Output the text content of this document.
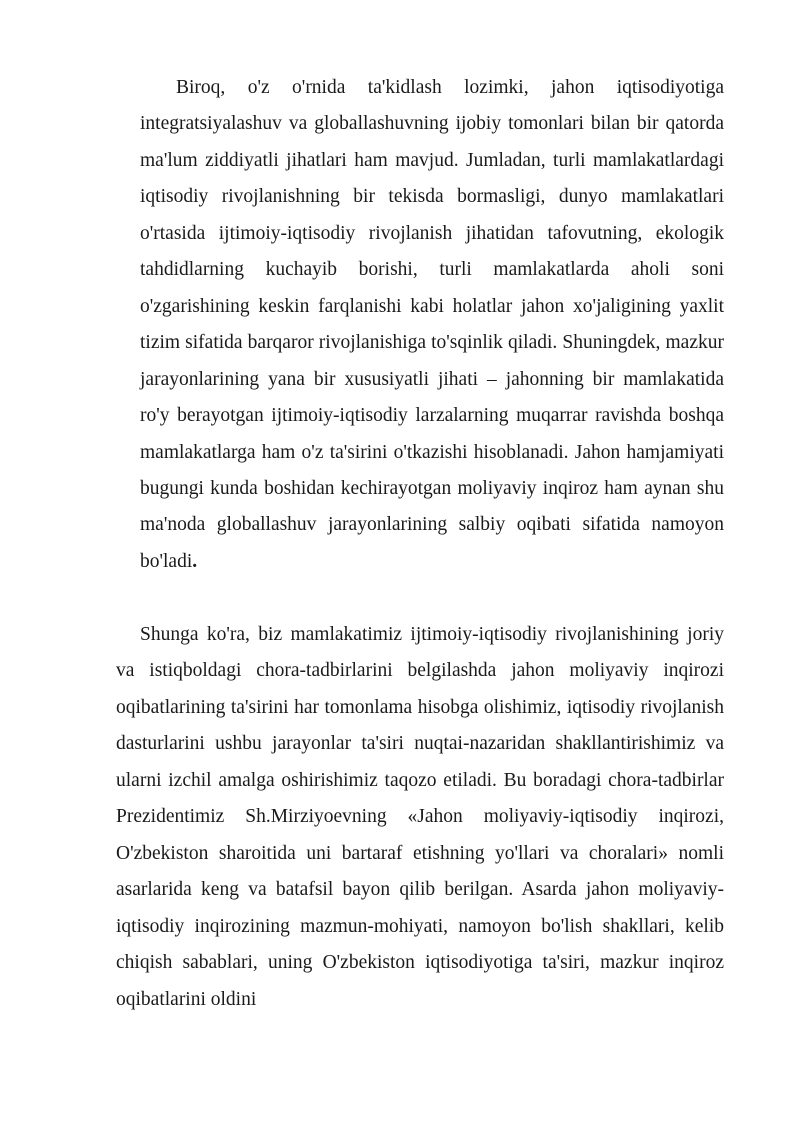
Biroq, o'z o'rnida ta'kidlash lozimki, jahon iqtisodiyotiga integratsiyalashuv va globallashuvning ijobiy tomonlari bilan bir qatorda ma'lum ziddiyatli jihatlari ham mavjud. Jumladan, turli mamlakatlardagi iqtisodiy rivojlanishning bir tekisda bormasligi, dunyo mamlakatlari o'rtasida ijtimoiy-iqtisodiy rivojlanish jihatidan tafovutning, ekologik tahdidlarning kuchayib borishi, turli mamlakatlarda aholi soni o'zgarishining keskin farqlanishi kabi holatlar jahon xo'jaligining yaxlit tizim sifatida barqaror rivojlanishiga to'sqinlik qiladi. Shuningdek, mazkur jarayonlarining yana bir xususiyatli jihati – jahonning bir mamlakatida ro'y berayotgan ijtimoiy-iqtisodiy larzalarning muqarrar ravishda boshqa mamlakatlarga ham o'z ta'sirini o'tkazishi hisoblanadi. Jahon hamjamiyati bugungi kunda boshidan kechirayotgan moliyaviy inqiroz ham aynan shu ma'noda globallashuv jarayonlarining salbiy oqibati sifatida namoyon bo'ladi.

Shunga ko'ra, biz mamlakatimiz ijtimoiy-iqtisodiy rivojlanishining joriy va istiqboldagi chora-tadbirlarini belgilashda jahon moliyaviy inqirozi oqibatlarining ta'sirini har tomonlama hisobga olishimiz, iqtisodiy rivojlanish dasturlarini ushbu jarayonlar ta'siri nuqtai-nazaridan shakllantirishimiz va ularni izchil amalga oshirishimiz taqozo etiladi. Bu boradagi chora-tadbirlar Prezidentimiz Sh.Mirziyoevning «Jahon moliyaviy-iqtisodiy inqirozi, O'zbekiston sharoitida uni bartaraf etishning yo'llari va choralari» nomli asarlarida keng va batafsil bayon qilib berilgan. Asarda jahon moliyaviy-iqtisodiy inqirozining mazmun-mohiyati, namoyon bo'lish shakllari, kelib chiqish sabablari, uning O'zbekiston iqtisodiyotiga ta'siri, mazkur inqiroz oqibatlarini oldini
